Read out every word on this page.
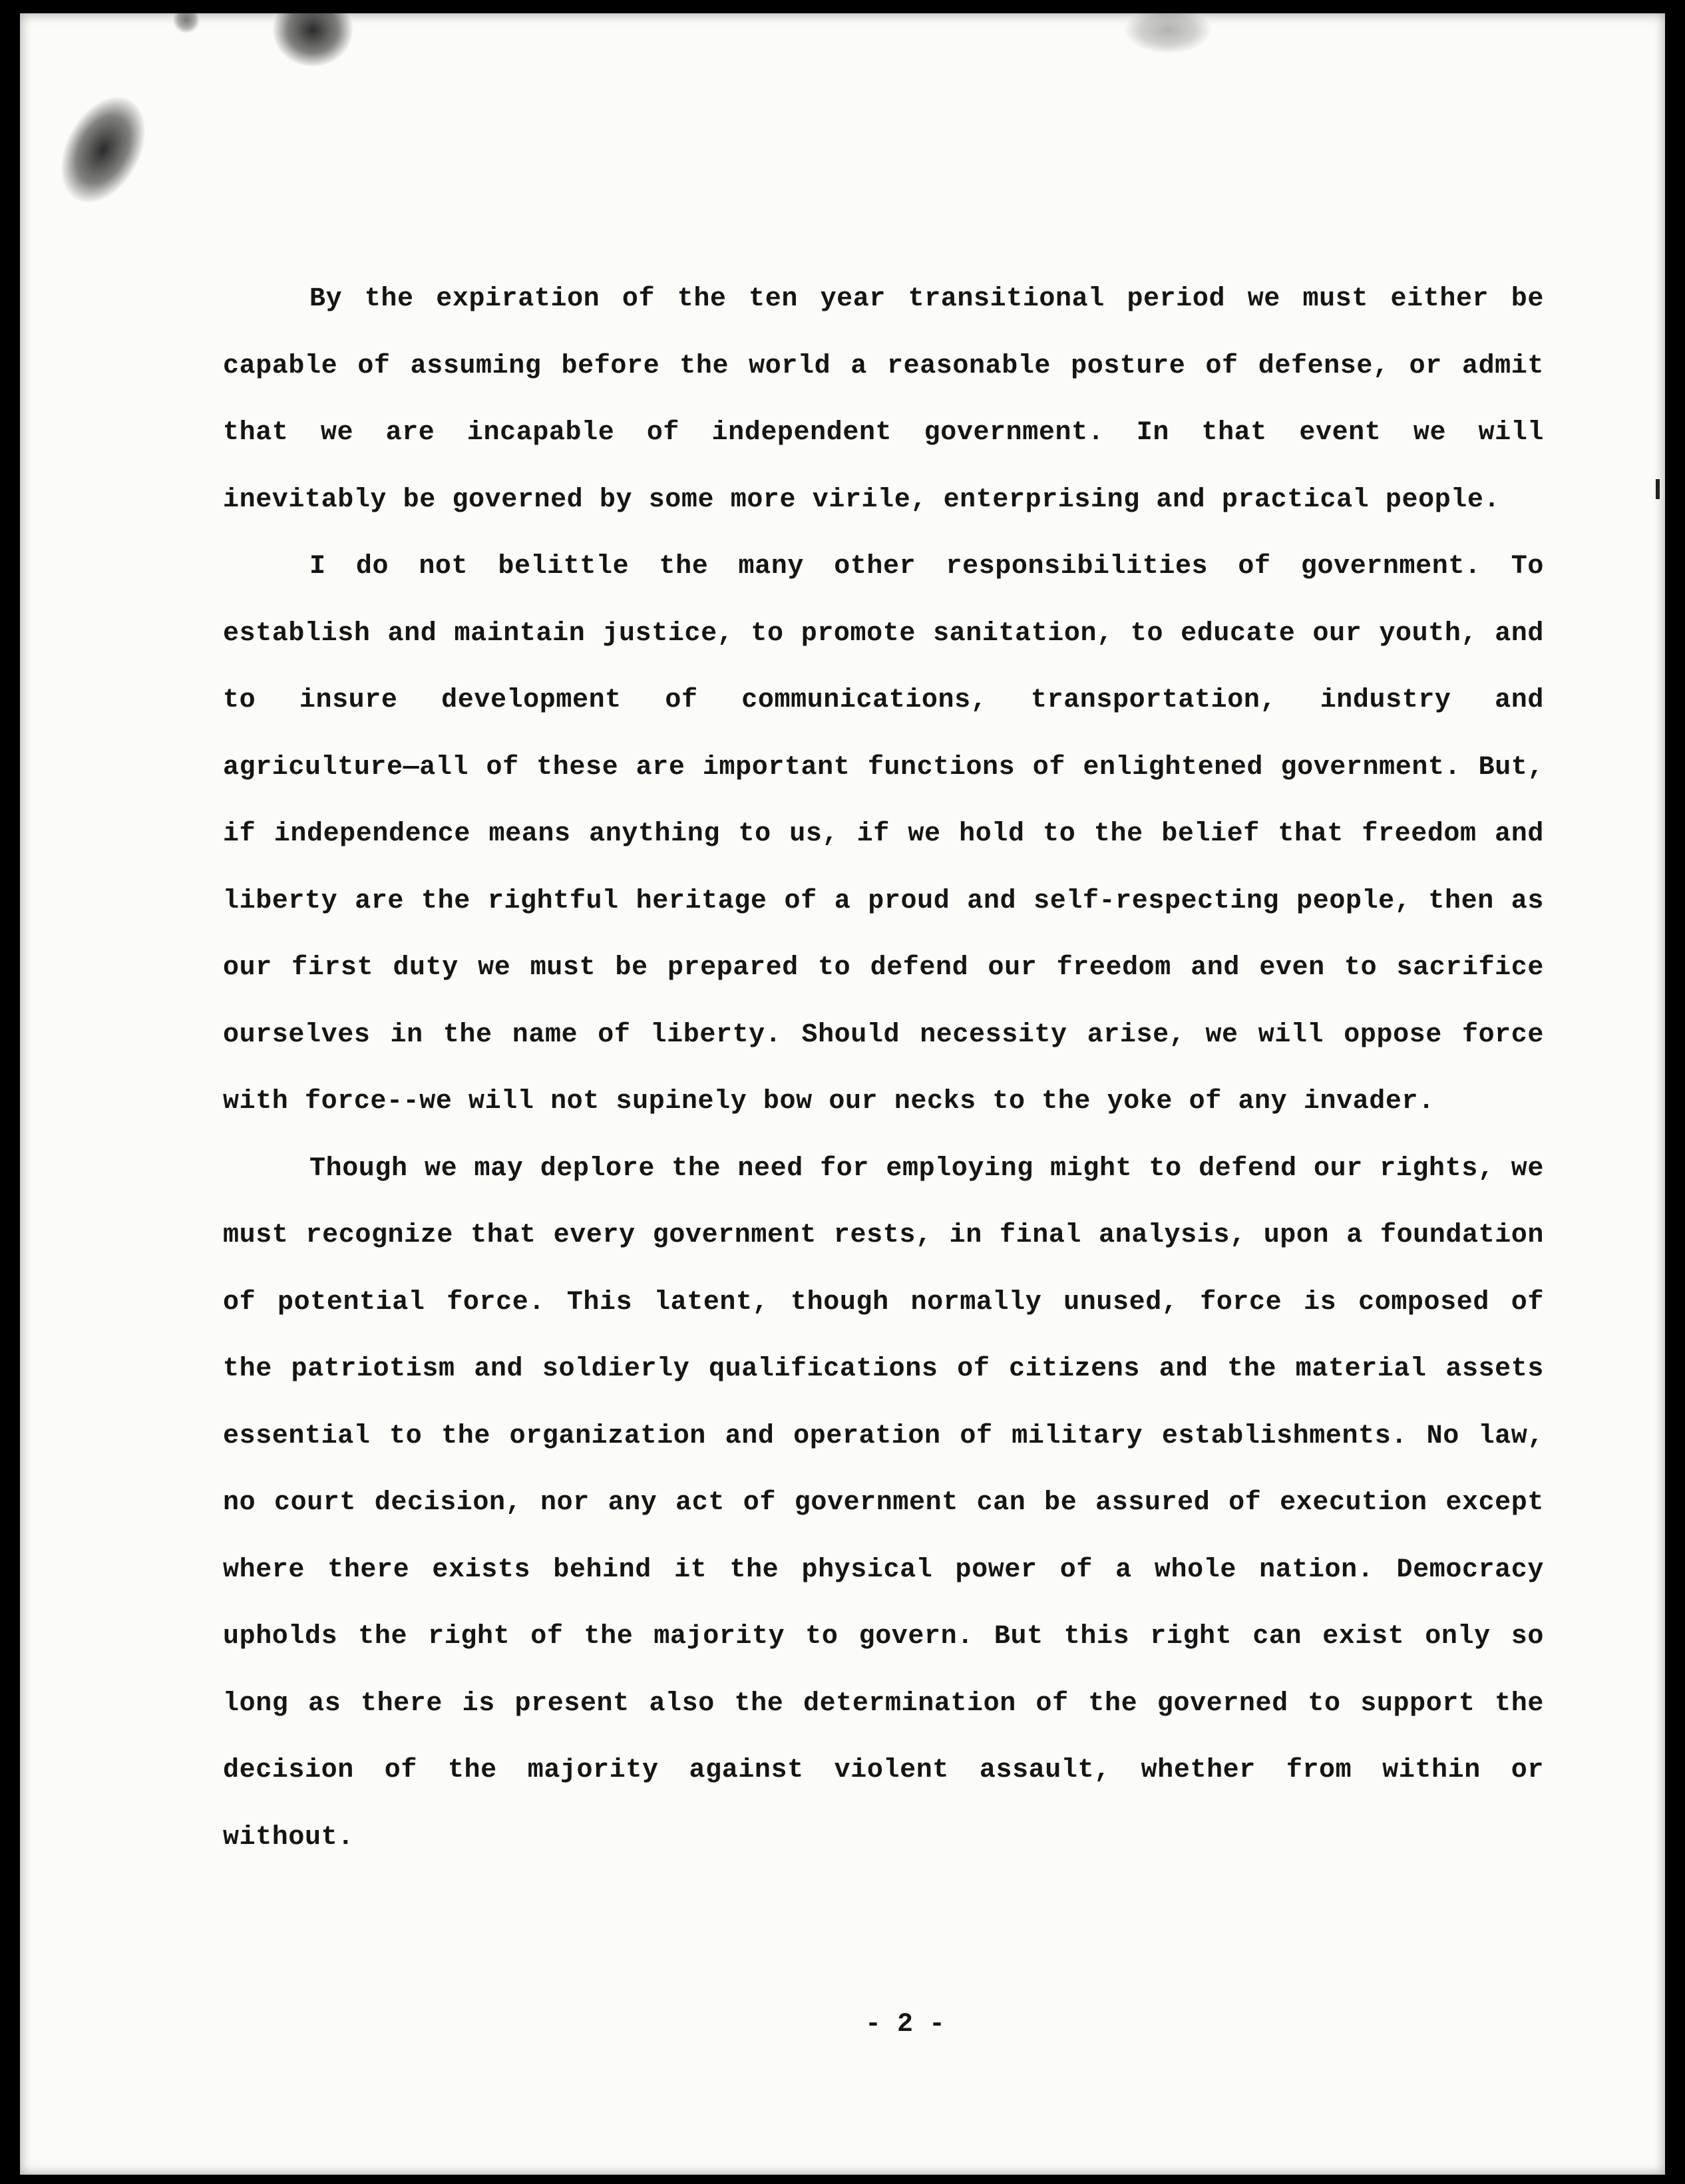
By the expiration of the ten year transitional period we must either be capable of assuming before the world a reasonable posture of defense, or admit that we are incapable of independent government. In that event we will inevitably be governed by some more virile, enterprising and practical people.

I do not belittle the many other responsibilities of government. To establish and maintain justice, to promote sanitation, to educate our youth, and to insure development of communications, transportation, industry and agriculture—all of these are important functions of enlightened government. But, if independence means anything to us, if we hold to the belief that freedom and liberty are the rightful heritage of a proud and self-respecting people, then as our first duty we must be prepared to defend our freedom and even to sacrifice ourselves in the name of liberty. Should necessity arise, we will oppose force with force--we will not supinely bow our necks to the yoke of any invader.

Though we may deplore the need for employing might to defend our rights, we must recognize that every government rests, in final analysis, upon a foundation of potential force. This latent, though normally unused, force is composed of the patriotism and soldierly qualifications of citizens and the material assets essential to the organization and operation of military establishments. No law, no court decision, nor any act of government can be assured of execution except where there exists behind it the physical power of a whole nation. Democracy upholds the right of the majority to govern. But this right can exist only so long as there is present also the determination of the governed to support the decision of the majority against violent assault, whether from within or without.

- 2 -
